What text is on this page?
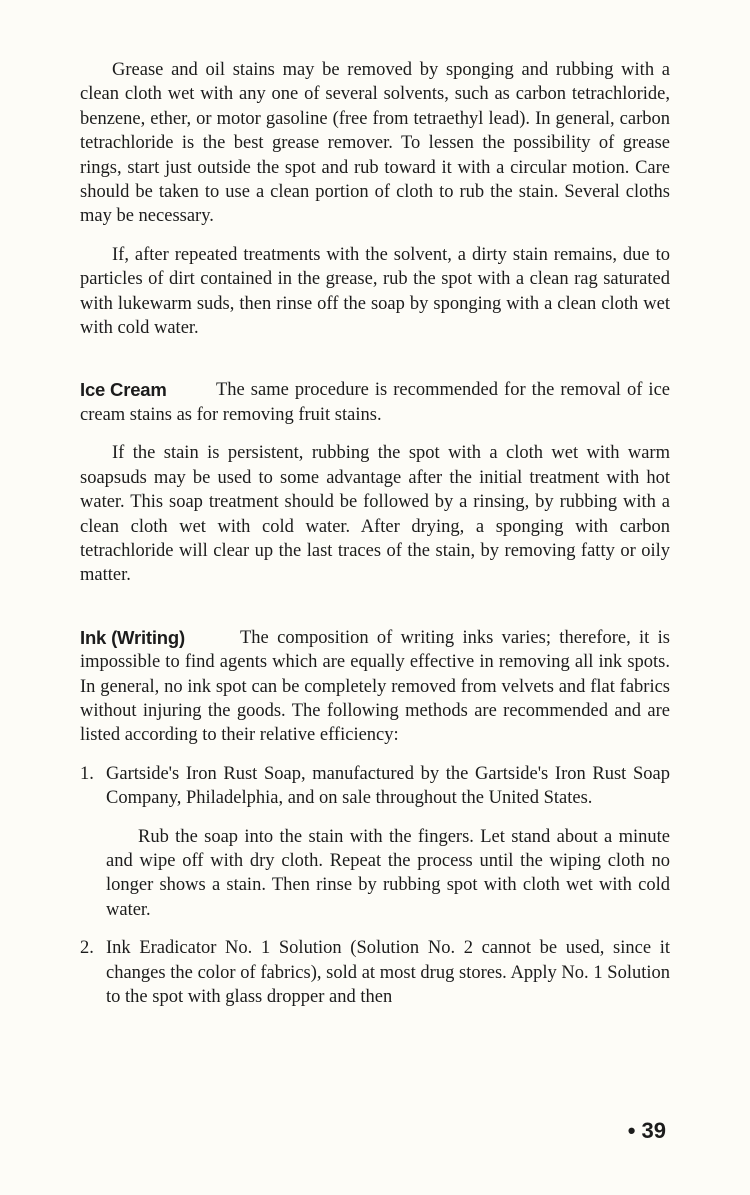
Grease and oil stains may be removed by sponging and rubbing with a clean cloth wet with any one of several solvents, such as carbon tetrachloride, benzene, ether, or motor gasoline (free from tetraethyl lead). In general, carbon tetrachloride is the best grease remover. To lessen the possibility of grease rings, start just outside the spot and rub toward it with a circular motion. Care should be taken to use a clean portion of cloth to rub the stain. Several cloths may be necessary.

If, after repeated treatments with the solvent, a dirty stain remains, due to particles of dirt contained in the grease, rub the spot with a clean rag saturated with lukewarm suds, then rinse off the soap by sponging with a clean cloth wet with cold water.

Ice Cream	The same procedure is recommended for the removal of ice cream stains as for removing fruit stains.

If the stain is persistent, rubbing the spot with a cloth wet with warm soapsuds may be used to some advantage after the initial treatment with hot water. This soap treatment should be followed by a rinsing, by rubbing with a clean cloth wet with cold water. After drying, a sponging with carbon tetrachloride will clear up the last traces of the stain, by removing fatty or oily matter.

Ink (Writing)	The composition of writing inks varies; therefore, it is impossible to find agents which are equally effective in removing all ink spots. In general, no ink spot can be completely removed from velvets and flat fabrics without injuring the goods. The following methods are recommended and are listed according to their relative efficiency:

1. Gartside's Iron Rust Soap, manufactured by the Gartside's Iron Rust Soap Company, Philadelphia, and on sale throughout the United States.

Rub the soap into the stain with the fingers. Let stand about a minute and wipe off with dry cloth. Repeat the process until the wiping cloth no longer shows a stain. Then rinse by rubbing spot with cloth wet with cold water.

2. Ink Eradicator No. 1 Solution (Solution No. 2 cannot be used, since it changes the color of fabrics), sold at most drug stores. Apply No. 1 Solution to the spot with glass dropper and then

• 39
